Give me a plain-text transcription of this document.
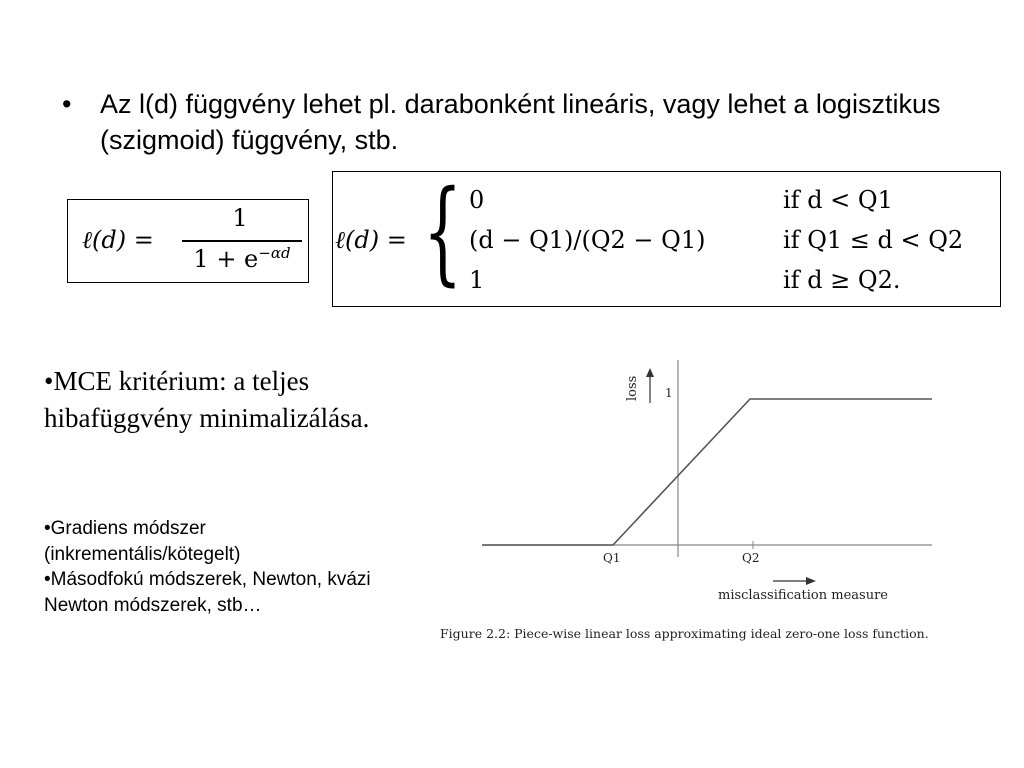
• Az l(d) függvény lehet pl. darabonként lineáris, vagy lehet a logisztikus (szigmoid) függvény, stb.
ℓ(d) =
1
$1 + e^{-\alpha d}$	ℓ(d) = { 0
(d − Q1)/(Q2 − Q1)
1
if d < Q1
if Q1 ≤ d < Q2
if d ≥ Q2.
•MCE kritérium: a teljes hibafüggvény minimalizálása.
•Gradiens módszer (inkrementális/kötegelt)
•Másodfokú módszerek, Newton, kvázi Newton módszerek, stb…
loss 1
Q1	Q2
misclassification measure
Figure 2.2: Piece-wise linear loss approximating ideal zero-one loss function.
